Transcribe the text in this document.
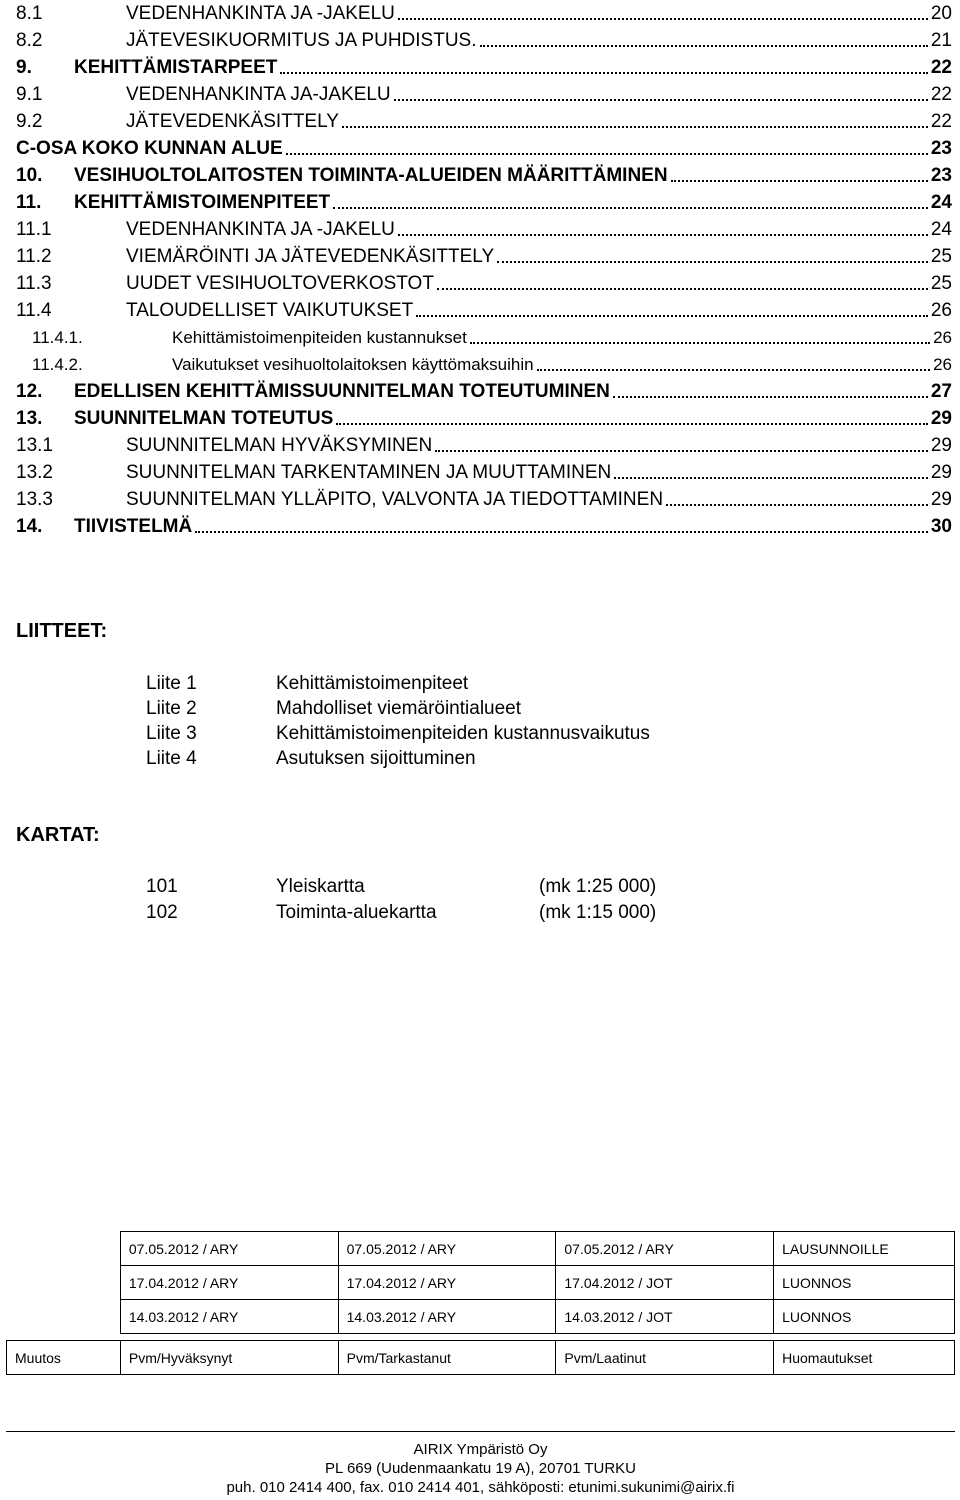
8.1	VEDENHANKINTA JA -JAKELU	20
8.2	JÄTEVESIKUORMITUS JA PUHDISTUS.	21
9.	KEHITTÄMISTARPEET	22
9.1	VEDENHANKINTA JA-JAKELU	22
9.2	JÄTEVEDENKÄSITTELY	22
C-OSA KOKO KUNNAN ALUE	23
10.	VESIHUOLTOLAITOSTEN TOIMINTA-ALUEIDEN MÄÄRITTÄMINEN	23
11.	KEHITTÄMISTOIMENPITEET	24
11.1	VEDENHANKINTA JA -JAKELU	24
11.2	VIEMÄRÖINTI JA JÄTEVEDENKÄSITTELY	25
11.3	UUDET VESIHUOLTOVERKOSTOT	25
11.4	TALOUDELLISET VAIKUTUKSET	26
11.4.1.	Kehittämistoimenpiteiden kustannukset	26
11.4.2.	Vaikutukset vesihuoltolaitoksen käyttömaksuihin	26
12.	EDELLISEN KEHITTÄMISSUUNNITELMAN TOTEUTUMINEN	27
13.	SUUNNITELMAN TOTEUTUS	29
13.1	SUUNNITELMAN HYVÄKSYMINEN	29
13.2	SUUNNITELMAN TARKENTAMINEN JA MUUTTAMINEN	29
13.3	SUUNNITELMAN YLLÄPITO, VALVONTA JA TIEDOTTAMINEN	29
14.	TIIVISTELMÄ	30
LIITTEET:
Liite 1	Kehittämistoimenpiteet
Liite 2	Mahdolliset viemäröintialueet
Liite 3	Kehittämistoimenpiteiden kustannusvaikutus
Liite 4	Asutuksen sijoittuminen
KARTAT:
101	Yleiskartta	(mk 1:25 000)
102	Toiminta-aluekartta	(mk 1:15 000)
	07.05.2012 / ARY	07.05.2012 / ARY	07.05.2012 / ARY	LAUSUNNOILLE
	17.04.2012 / ARY	17.04.2012 / ARY	17.04.2012 / JOT	LUONNOS
	14.03.2012 / ARY	14.03.2012 / ARY	14.03.2012 / JOT	LUONNOS

Muutos	Pvm/Hyväksynyt	Pvm/Tarkastanut	Pvm/Laatinut	Huomautukset
AIRIX Ympäristö Oy
PL 669 (Uudenmaankatu 19 A), 20701 TURKU
puh. 010 2414 400, fax. 010 2414 401, sähköposti: etunimi.sukunimi@airix.fi
